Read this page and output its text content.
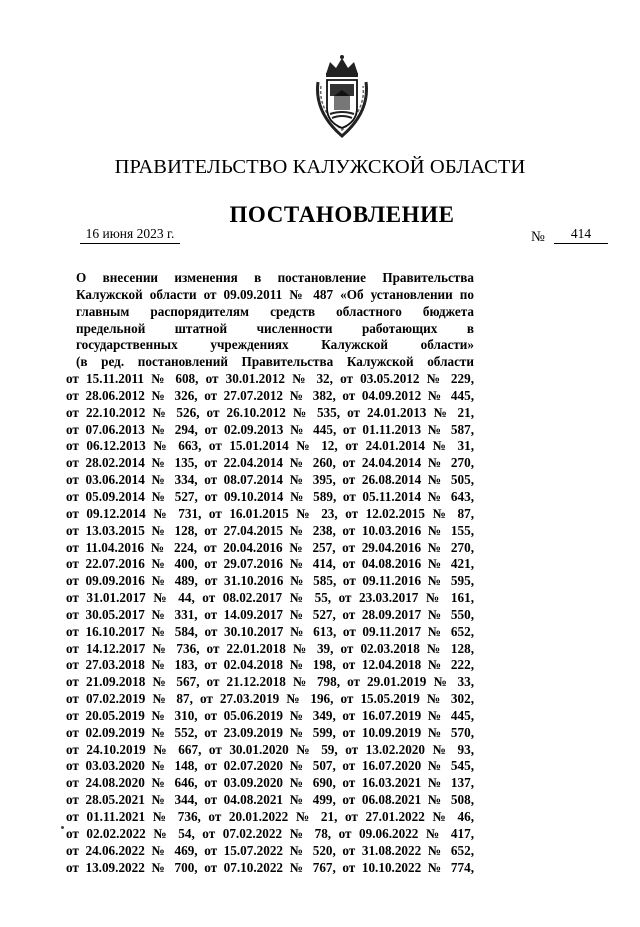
ПРАВИТЕЛЬСТВО КАЛУЖСКОЙ ОБЛАСТИ
ПОСТАНОВЛЕНИЕ
16 июня 2023 г.	№	414
О внесении изменения в постановление Правительства
Калужской области от 09.09.2011 № 487 «Об установлении по
главным распорядителям средств областного бюджета
предельной штатной численности работающих в
государственных учреждениях Калужской области»
(в ред. постановлений Правительства Калужской области
от 15.11.2011 № 608, от 30.01.2012 № 32, от 03.05.2012 № 229,
от 28.06.2012 № 326, от 27.07.2012 № 382, от 04.09.2012 № 445,
от 22.10.2012 № 526, от 26.10.2012 № 535, от 24.01.2013 № 21,
от 07.06.2013 № 294, от 02.09.2013 № 445, от 01.11.2013 № 587,
от 06.12.2013 № 663, от 15.01.2014 № 12, от 24.01.2014 № 31,
от 28.02.2014 № 135, от 22.04.2014 № 260, от 24.04.2014 № 270,
от 03.06.2014 № 334, от 08.07.2014 № 395, от 26.08.2014 № 505,
от 05.09.2014 № 527, от 09.10.2014 № 589, от 05.11.2014 № 643,
от 09.12.2014 № 731, от 16.01.2015 № 23, от 12.02.2015 № 87,
от 13.03.2015 № 128, от 27.04.2015 № 238, от 10.03.2016 № 155,
от 11.04.2016 № 224, от 20.04.2016 № 257, от 29.04.2016 № 270,
от 22.07.2016 № 400, от 29.07.2016 № 414, от 04.08.2016 № 421,
от 09.09.2016 № 489, от 31.10.2016 № 585, от 09.11.2016 № 595,
от 31.01.2017 № 44, от 08.02.2017 № 55, от 23.03.2017 № 161,
от 30.05.2017 № 331, от 14.09.2017 № 527, от 28.09.2017 № 550,
от 16.10.2017 № 584, от 30.10.2017 № 613, от 09.11.2017 № 652,
от 14.12.2017 № 736, от 22.01.2018 № 39, от 02.03.2018 № 128,
от 27.03.2018 № 183, от 02.04.2018 № 198, от 12.04.2018 № 222,
от 21.09.2018 № 567, от 21.12.2018 № 798, от 29.01.2019 № 33,
от 07.02.2019 № 87, от 27.03.2019 № 196, от 15.05.2019 № 302,
от 20.05.2019 № 310, от 05.06.2019 № 349, от 16.07.2019 № 445,
от 02.09.2019 № 552, от 23.09.2019 № 599, от 10.09.2019 № 570,
от 24.10.2019 № 667, от 30.01.2020 № 59, от 13.02.2020 № 93,
от 03.03.2020 № 148, от 02.07.2020 № 507, от 16.07.2020 № 545,
от 24.08.2020 № 646, от 03.09.2020 № 690, от 16.03.2021 № 137,
от 28.05.2021 № 344, от 04.08.2021 № 499, от 06.08.2021 № 508,
от 01.11.2021 № 736, от 20.01.2022 № 21, от 27.01.2022 № 46,
от 02.02.2022 № 54, от 07.02.2022 № 78, от 09.06.2022 № 417,
от 24.06.2022 № 469, от 15.07.2022 № 520, от 31.08.2022 № 652,
от 13.09.2022 № 700, от 07.10.2022 № 767, от 10.10.2022 № 774,
